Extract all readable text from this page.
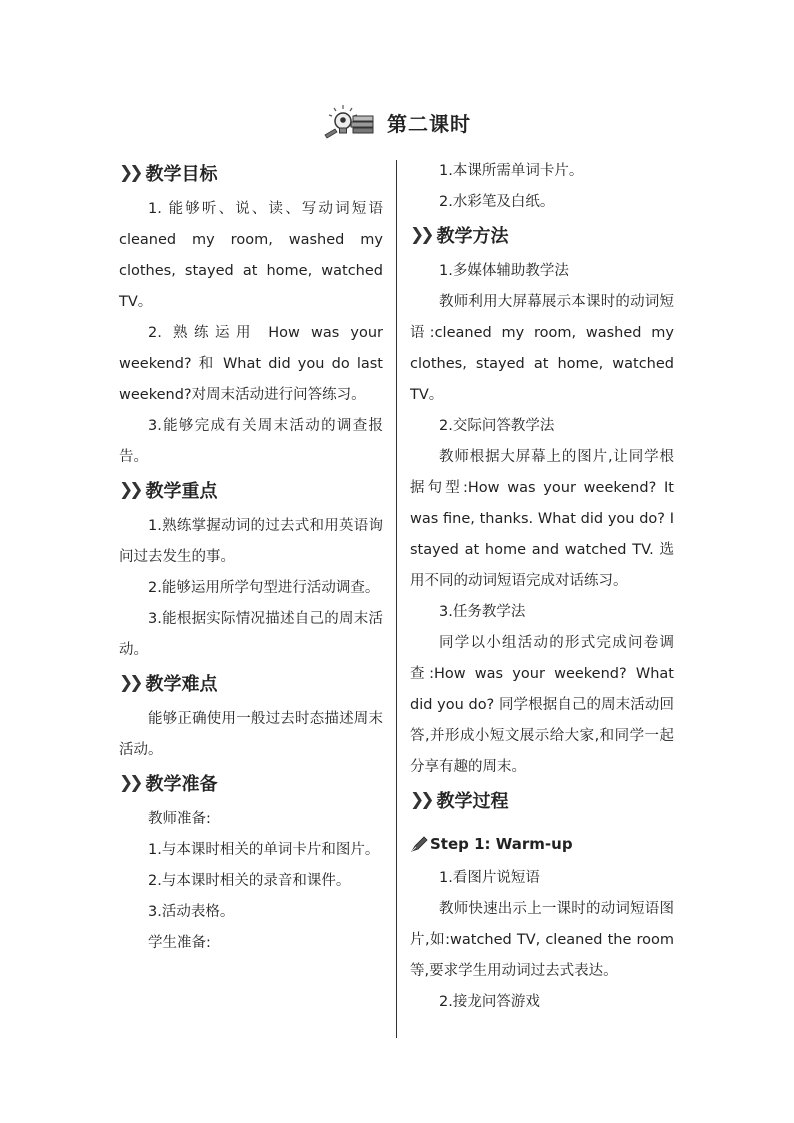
第二课时
❯❯ 教学目标

1. 能够听、说、读、写动词短语 cleaned my room, washed my clothes, stayed at home, watched TV。

2. 熟练运用 How was your weekend? 和 What did you do last weekend?对周末活动进行问答练习。

3.能够完成有关周末活动的调查报告。

❯❯ 教学重点

1.熟练掌握动词的过去式和用英语询问过去发生的事。

2.能够运用所学句型进行活动调查。

3.能根据实际情况描述自己的周末活动。

❯❯ 教学难点

能够正确使用一般过去时态描述周末活动。

❯❯ 教学准备

教师准备:

1.与本课时相关的单词卡片和图片。

2.与本课时相关的录音和课件。

3.活动表格。

学生准备:

1.本课所需单词卡片。

2.水彩笔及白纸。

❯❯ 教学方法

1.多媒体辅助教学法

教师利用大屏幕展示本课时的动词短语:cleaned my room, washed my clothes, stayed at home, watched TV。

2.交际问答教学法

教师根据大屏幕上的图片,让同学根据句型:How was your weekend? It was fine, thanks. What did you do? I stayed at home and watched TV. 选用不同的动词短语完成对话练习。

3.任务教学法

同学以小组活动的形式完成问卷调查:How was your weekend? What did you do? 同学根据自己的周末活动回答,并形成小短文展示给大家,和同学一起分享有趣的周末。

❯❯ 教学过程
Step 1: Warm-up

1.看图片说短语

教师快速出示上一课时的动词短语图片,如:watched TV, cleaned the room 等,要求学生用动词过去式表达。

2.接龙问答游戏
